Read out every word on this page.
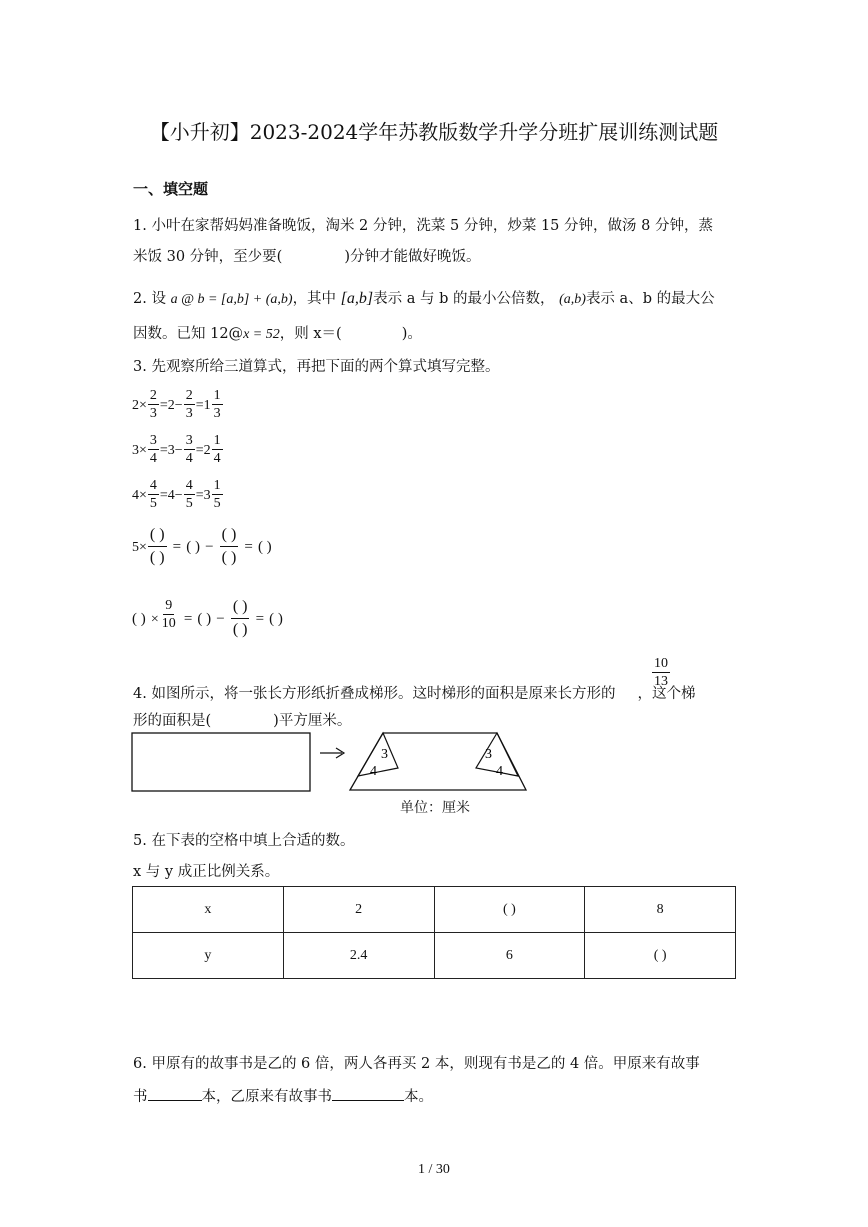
【小升初】2023-2024学年苏教版数学升学分班扩展训练测试题
一、填空题
1. 小叶在家帮妈妈准备晚饭，淘米 2 分钟，洗菜 5 分钟，炒菜 15 分钟，做汤 8 分钟，蒸
米饭 30 分钟，至少要(	)分钟才能做好晚饭。
2. 设 a @ b = [a,b] + (a,b)，其中 [a,b]表示 a 与 b 的最小公倍数， (a,b)表示 a、b 的最大公
因数。已知 12@x = 52，则 x＝(	)。
3. 先观察所给三道算式，再把下面的两个算式填写完整。
$2\times \frac{2}{3} =2- \frac{2}{3} =1 \frac{1}{3}$
$3\times \frac{3}{4} =3- \frac{3}{4} =2 \frac{1}{4}$
$4\times \frac{4}{5} =4- \frac{4}{5} =3 \frac{1}{5}$
$5\times \frac{( )}{( )}$ = ( ) − $\frac{( )}{( )}$ = ( )
( ) × $\frac{9}{10}$ = ( ) − $\frac{( )}{( )}$ = ( )
$\frac{10}{13}$
4. 如图所示，将一张长方形纸折叠成梯形。这时梯形的面积是原来长方形的 ，这个梯
形的面积是(	)平方厘米。
3
4
3
4
单位：厘米
5. 在下表的空格中填上合适的数。
x 与 y 成正比例关系。
x	2	( )	8
y	2.4	6	( )
6. 甲原有的故事书是乙的 6 倍，两人各再买 2 本，则现有书是乙的 4 倍。甲原来有故事
书	本，乙原来有故事书	本。
1 / 30
